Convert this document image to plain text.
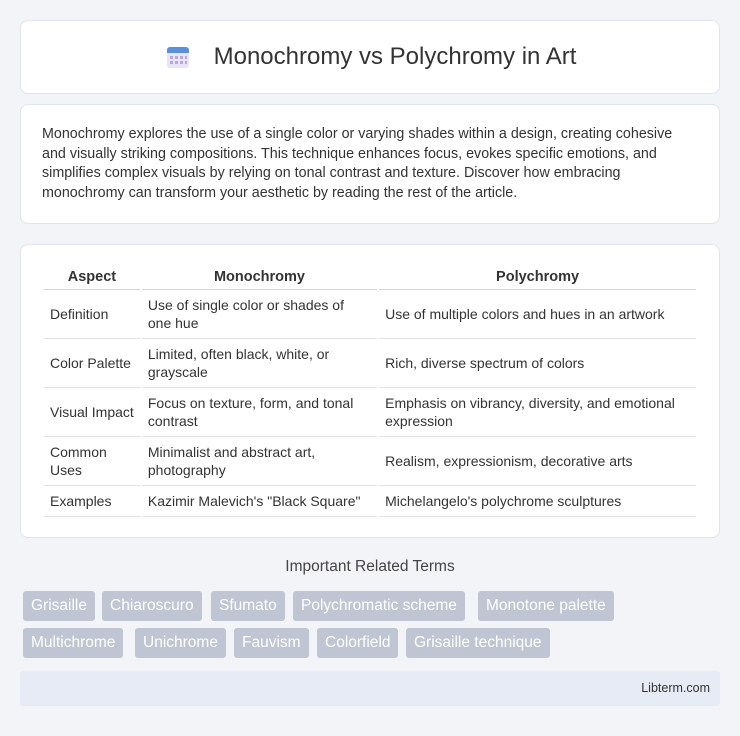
Monochromy vs Polychromy in Art

Monochromy explores the use of a single color or varying shades within a design, creating cohesive and visually striking compositions. This technique enhances focus, evokes specific emotions, and simplifies complex visuals by relying on tonal contrast and texture. Discover how embracing monochromy can transform your aesthetic by reading the rest of the article.

Aspect	Monochromy	Polychromy
Definition	Use of single color or shades of one hue	Use of multiple colors and hues in an artwork
Color Palette	Limited, often black, white, or grayscale	Rich, diverse spectrum of colors
Visual Impact	Focus on texture, form, and tonal contrast	Emphasis on vibrancy, diversity, and emotional expression
Common Uses	Minimalist and abstract art, photography	Realism, expressionism, decorative arts
Examples	Kazimir Malevich's "Black Square"	Michelangelo's polychrome sculptures
Important Related Terms
Grisaille	Chiaroscuro	Sfumato	Polychromatic scheme	Monotone palette
Multichrome	Unichrome	Fauvism	Colorfield	Grisaille technique
Libterm.com
